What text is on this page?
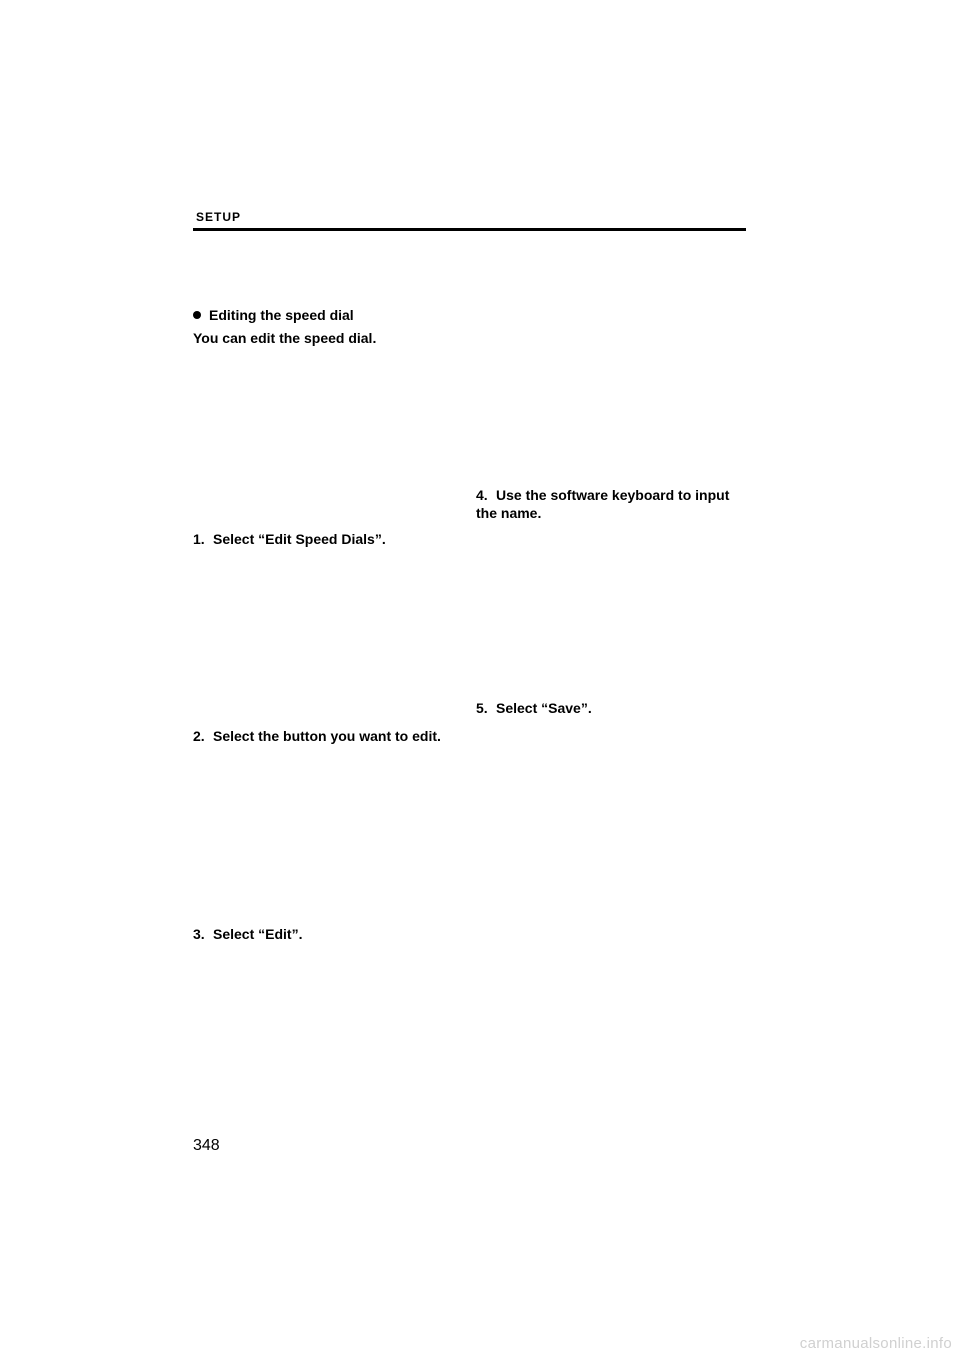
SETUP
Editing the speed dial
You can edit the speed dial.
1. Select “Edit Speed Dials”.
2. Select the button you want to edit.
3. Select “Edit”.
4. Use the software keyboard to input
the name.
5. Select “Save”.
348
carmanualsonline.info
